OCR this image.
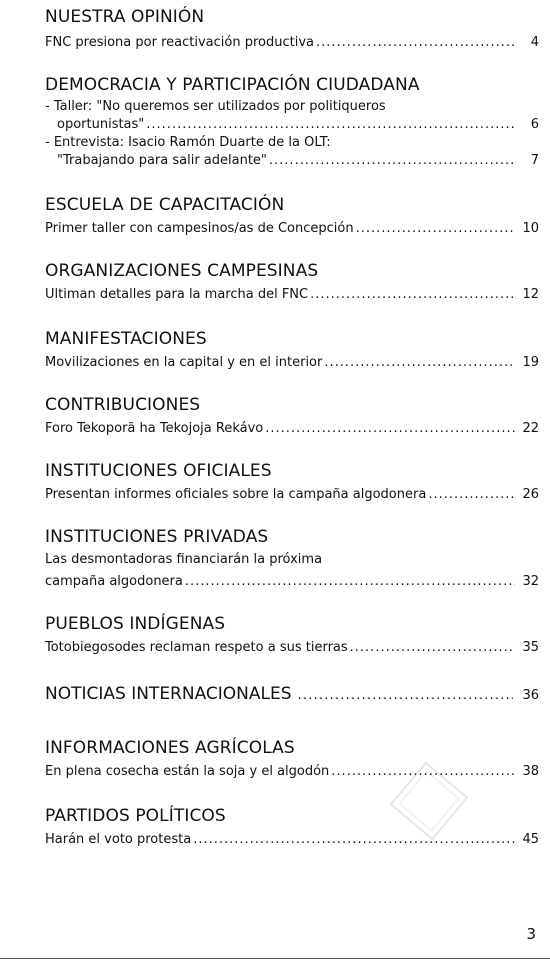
NUESTRA OPINIÓN
FNC presiona por reactivación productiva .....	4
DEMOCRACIA Y PARTICIPACIÓN CIUDADANA
- Taller: "No queremos ser utilizados por politiqueros
oportunistas" .....	6
- Entrevista: Isacio Ramón Duarte de la OLT:
"Trabajando para salir adelante" .....	7
ESCUELA DE CAPACITACIÓN
Primer taller con campesinos/as de Concepción .....	10
ORGANIZACIONES CAMPESINAS
Ultiman detalles para la marcha del FNC .....	12
MANIFESTACIONES
Movilizaciones en la capital y en el interior .....	19
CONTRIBUCIONES
Foro Tekoporã ha Tekojoja Rekávo .....	22
INSTITUCIONES OFICIALES
Presentan informes oficiales sobre la campaña algodonera .....	26
INSTITUCIONES PRIVADAS
Las desmontadoras financiarán la próxima
campaña algodonera .....	32
PUEBLOS INDÍGENAS
Totobiegosodes reclaman respeto a sus tierras .....	35
NOTICIAS INTERNACIONALES .....	36
INFORMACIONES AGRÍCOLAS
En plena cosecha están la soja y el algodón .....	38
PARTIDOS POLÍTICOS
Harán el voto protesta .....	45
3
